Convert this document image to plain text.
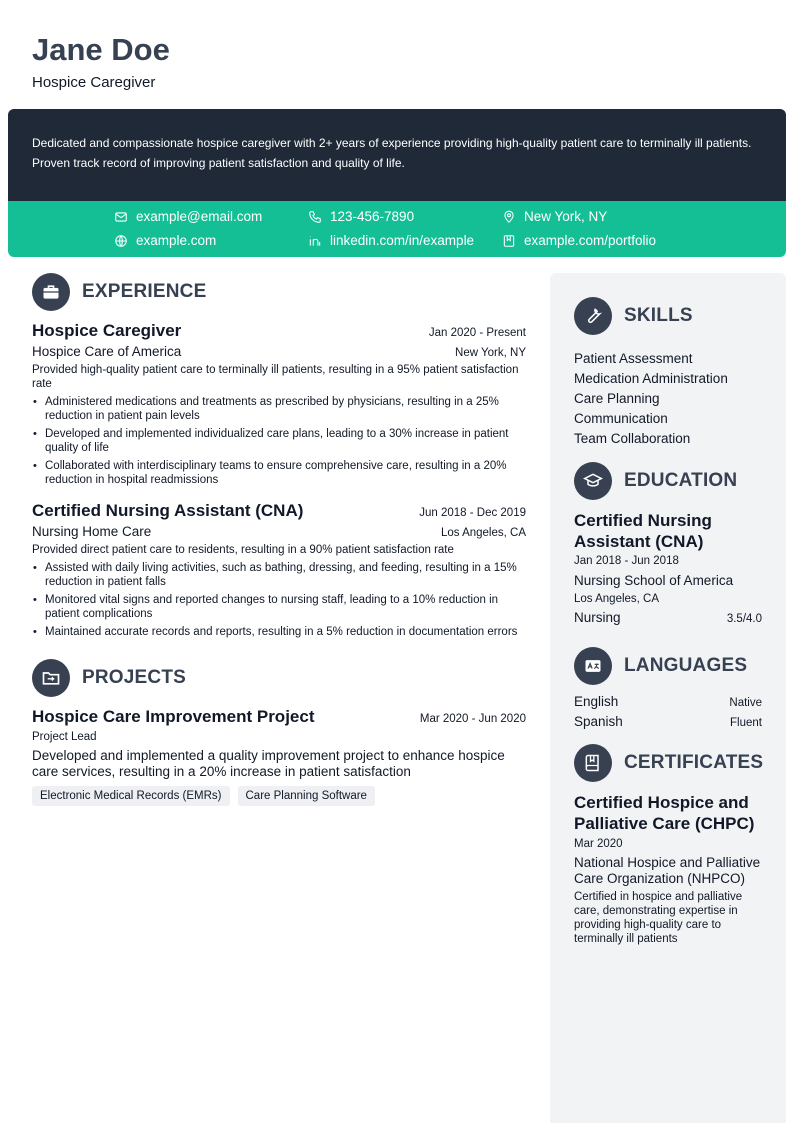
Jane Doe
Hospice Caregiver

Dedicated and compassionate hospice caregiver with 2+ years of experience providing high-quality patient care to terminally ill patients. Proven track record of improving patient satisfaction and quality of life.

example@email.com	123-456-7890	New York, NY
example.com	linkedin.com/in/example	example.com/portfolio
EXPERIENCE
Hospice Caregiver	Jan 2020 - Present
Hospice Care of America	New York, NY
Provided high-quality patient care to terminally ill patients, resulting in a 95% patient satisfaction rate
• Administered medications and treatments as prescribed by physicians, resulting in a 25% reduction in patient pain levels
• Developed and implemented individualized care plans, leading to a 30% increase in patient quality of life
• Collaborated with interdisciplinary teams to ensure comprehensive care, resulting in a 20% reduction in hospital readmissions
Certified Nursing Assistant (CNA)	Jun 2018 - Dec 2019
Nursing Home Care	Los Angeles, CA
Provided direct patient care to residents, resulting in a 90% patient satisfaction rate
• Assisted with daily living activities, such as bathing, dressing, and feeding, resulting in a 15% reduction in patient falls
• Monitored vital signs and reported changes to nursing staff, leading to a 10% reduction in patient complications
• Maintained accurate records and reports, resulting in a 5% reduction in documentation errors
PROJECTS
Hospice Care Improvement Project	Mar 2020 - Jun 2020
Project Lead
Developed and implemented a quality improvement project to enhance hospice care services, resulting in a 20% increase in patient satisfaction
Electronic Medical Records (EMRs)	Care Planning Software
SKILLS
Patient Assessment
Medication Administration
Care Planning
Communication
Team Collaboration
EDUCATION
Certified Nursing Assistant (CNA)
Jan 2018 - Jun 2018
Nursing School of America
Los Angeles, CA
Nursing	3.5/4.0
LANGUAGES
English	Native
Spanish	Fluent
CERTIFICATES
Certified Hospice and Palliative Care (CHPC)
Mar 2020
National Hospice and Palliative Care Organization (NHPCO)
Certified in hospice and palliative care, demonstrating expertise in providing high-quality care to terminally ill patients
